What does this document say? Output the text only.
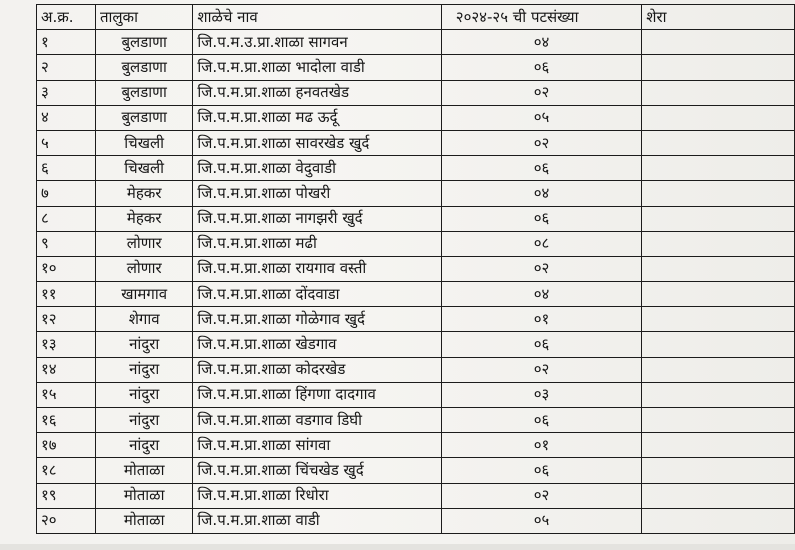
अ.क्र.	तालुका	शाळेचे नाव	२०२४-२५ ची पटसंख्या	शेरा
१	बुलडाणा	जि.प.म.उ.प्रा.शाळा सागवन	०४	
२	बुलडाणा	जि.प.म.प्रा.शाळा भादोला वाडी	०६	
३	बुलडाणा	जि.प.म.प्रा.शाळा हनवतखेड	०२	
४	बुलडाणा	जि.प.म.प्रा.शाळा मढ ऊर्दू	०५	
५	चिखली	जि.प.म.प्रा.शाळा सावरखेड खुर्द	०२	
६	चिखली	जि.प.म.प्रा.शाळा वेदुवाडी	०६	
७	मेहकर	जि.प.म.प्रा.शाळा पोखरी	०४	
८	मेहकर	जि.प.म.प्रा.शाळा नागझरी खुर्द	०६	
९	लोणार	जि.प.म.प्रा.शाळा मढी	०८	
१०	लोणार	जि.प.म.प्रा.शाळा रायगाव वस्ती	०२	
११	खामगाव	जि.प.म.प्रा.शाळा दोंदवाडा	०४	
१२	शेगाव	जि.प.म.प्रा.शाळा गोळेगाव खुर्द	०१	
१३	नांदुरा	जि.प.म.प्रा.शाळा खेडगाव	०६	
१४	नांदुरा	जि.प.म.प्रा.शाळा कोदरखेड	०२	
१५	नांदुरा	जि.प.म.प्रा.शाळा हिंगणा दादगाव	०३	
१६	नांदुरा	जि.प.म.प्रा.शाळा वडगाव डिघी	०६	
१७	नांदुरा	जि.प.म.प्रा.शाळा सांगवा	०१	
१८	मोताळा	जि.प.म.प्रा.शाळा चिंचखेड खुर्द	०६	
१९	मोताळा	जि.प.म.प्रा.शाळा रिधोरा	०२	
२०	मोताळा	जि.प.म.प्रा.शाळा वाडी	०५	
